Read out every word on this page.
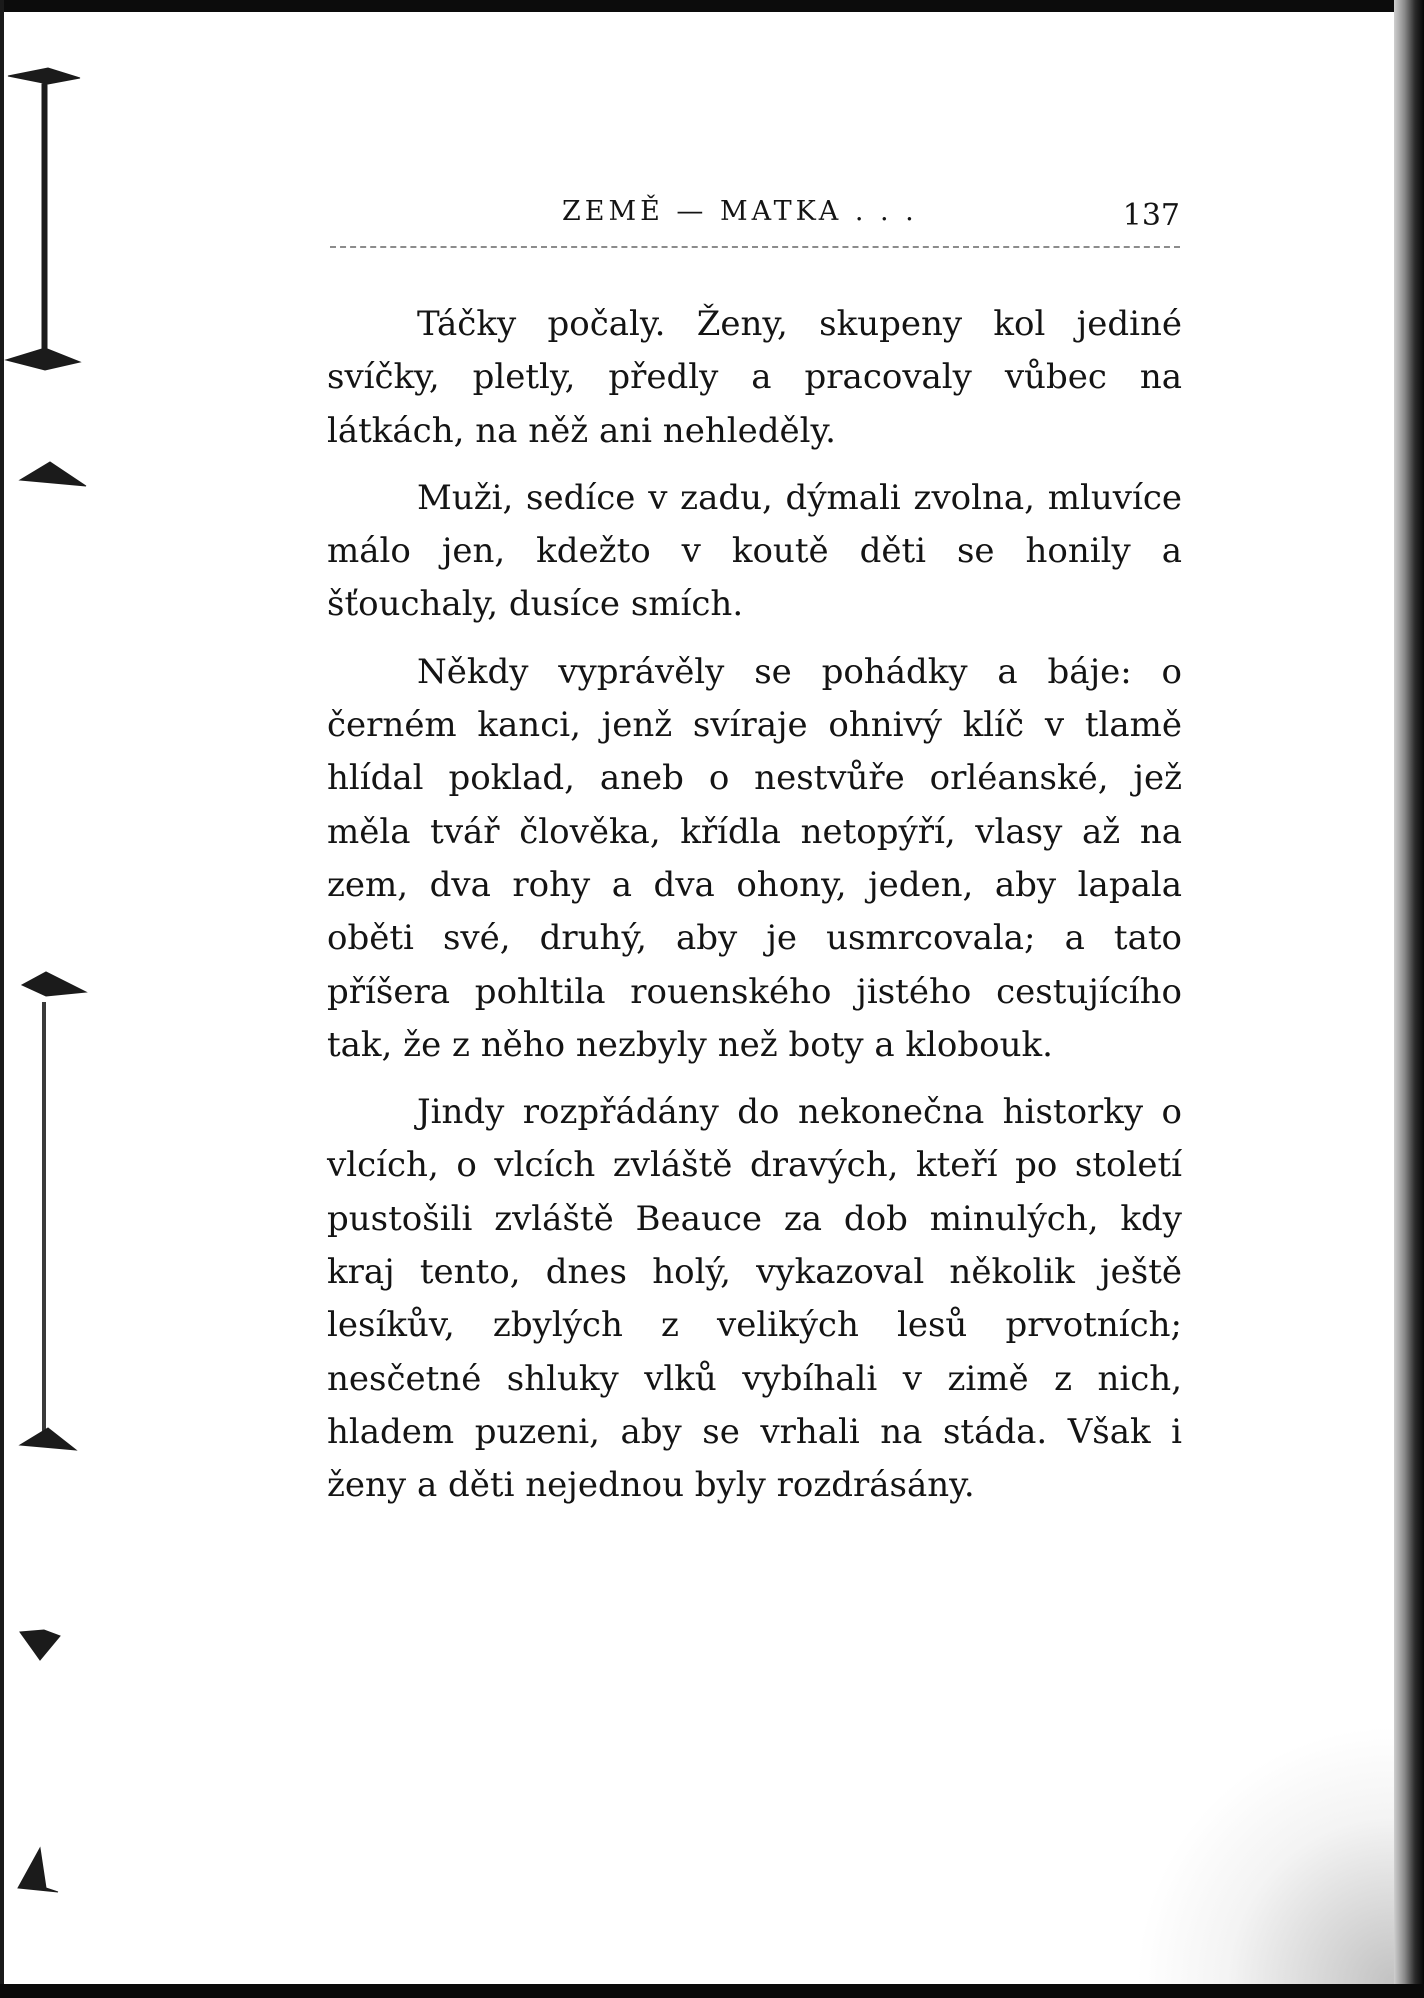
ZEMĚ — MATKA . . .	137

Táčky počaly. Ženy, skupeny kol jediné svíčky, pletly, předly a pracovaly vůbec na látkách, na něž ani nehleděly.

Muži, sedíce v zadu, dýmali zvolna, mluvíce málo jen, kdežto v koutě děti se honily a šťouchaly, dusíce smích.

Někdy vyprávěly se pohádky a báje: o černém kanci, jenž svíraje ohnivý klíč v tlamě hlídal poklad, aneb o nestvůře orléanské, jež měla tvář člověka, křídla netopýří, vlasy až na zem, dva rohy a dva ohony, jeden, aby lapala oběti své, druhý, aby je usmrcovala; a tato příšera pohltila rouenského jistého cestujícího tak, že z něho nezbyly než boty a klobouk.

Jindy rozpřádány do nekonečna historky o vlcích, o vlcích zvláště dravých, kteří po století pustošili zvláště Beauce za dob minulých, kdy kraj tento, dnes holý, vykazoval několik ještě lesíkův, zbylých z velikých lesů prvotních; nesčetné shluky vlků vybíhali v zimě z nich, hladem puzeni, aby se vrhali na stáda. Však i ženy a děti nejednou byly rozdrásány.
